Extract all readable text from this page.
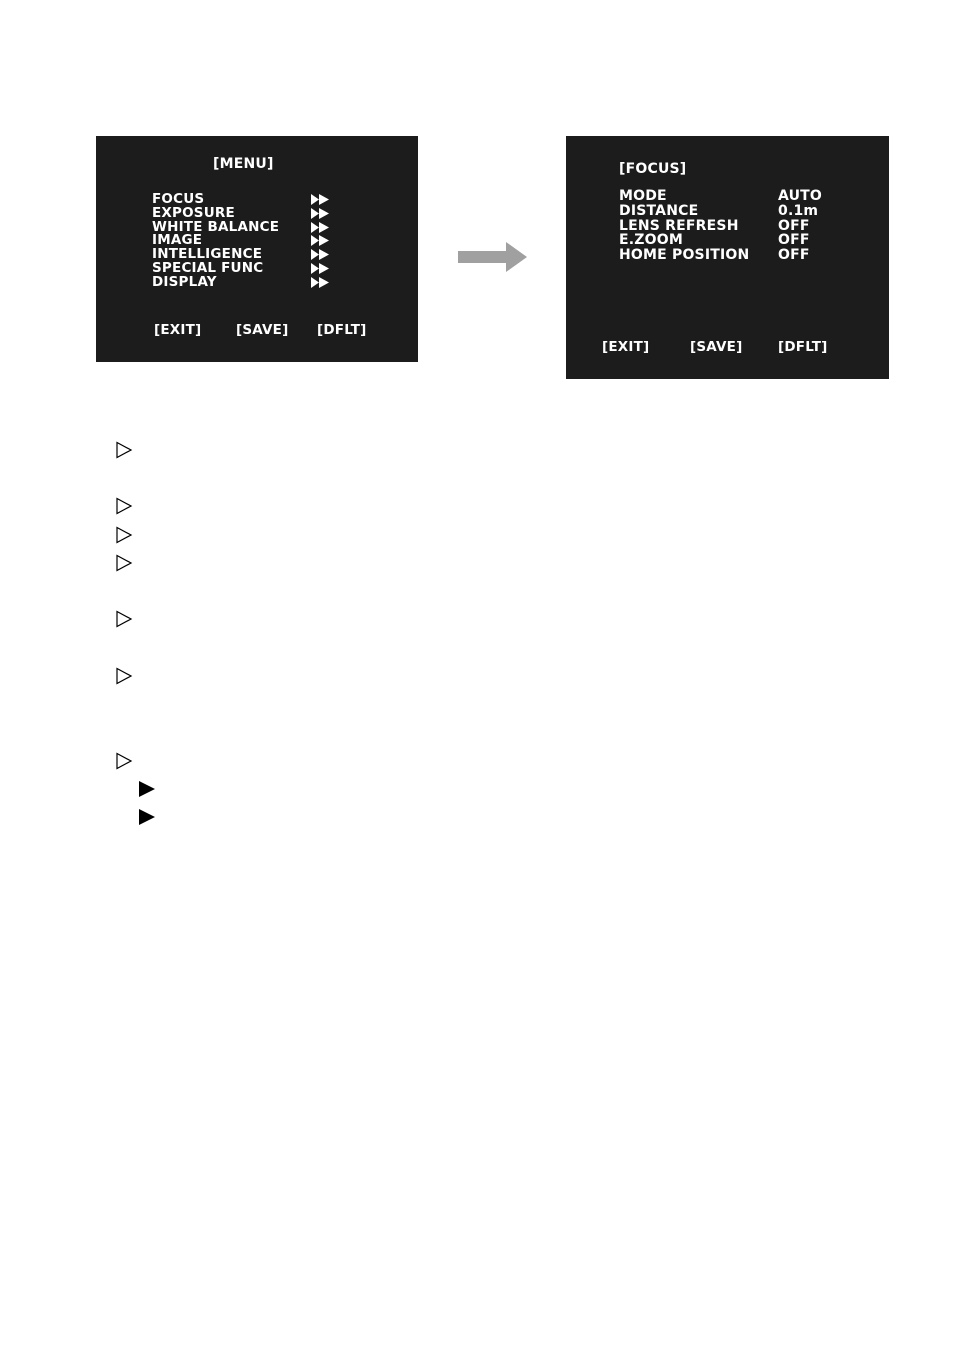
[MENU]
FOCUS
EXPOSURE
WHITE BALANCE
IMAGE
INTELLIGENCE
SPECIAL FUNC
DISPLAY
[EXIT]	[SAVE] [DFLT]
[FOCUS]
MODE	AUTO
DISTANCE	0.1m
LENS REFRESH	OFF
E.ZOOM	OFF
HOME POSITION OFF
[EXIT]	[SAVE]	[DFLT]
